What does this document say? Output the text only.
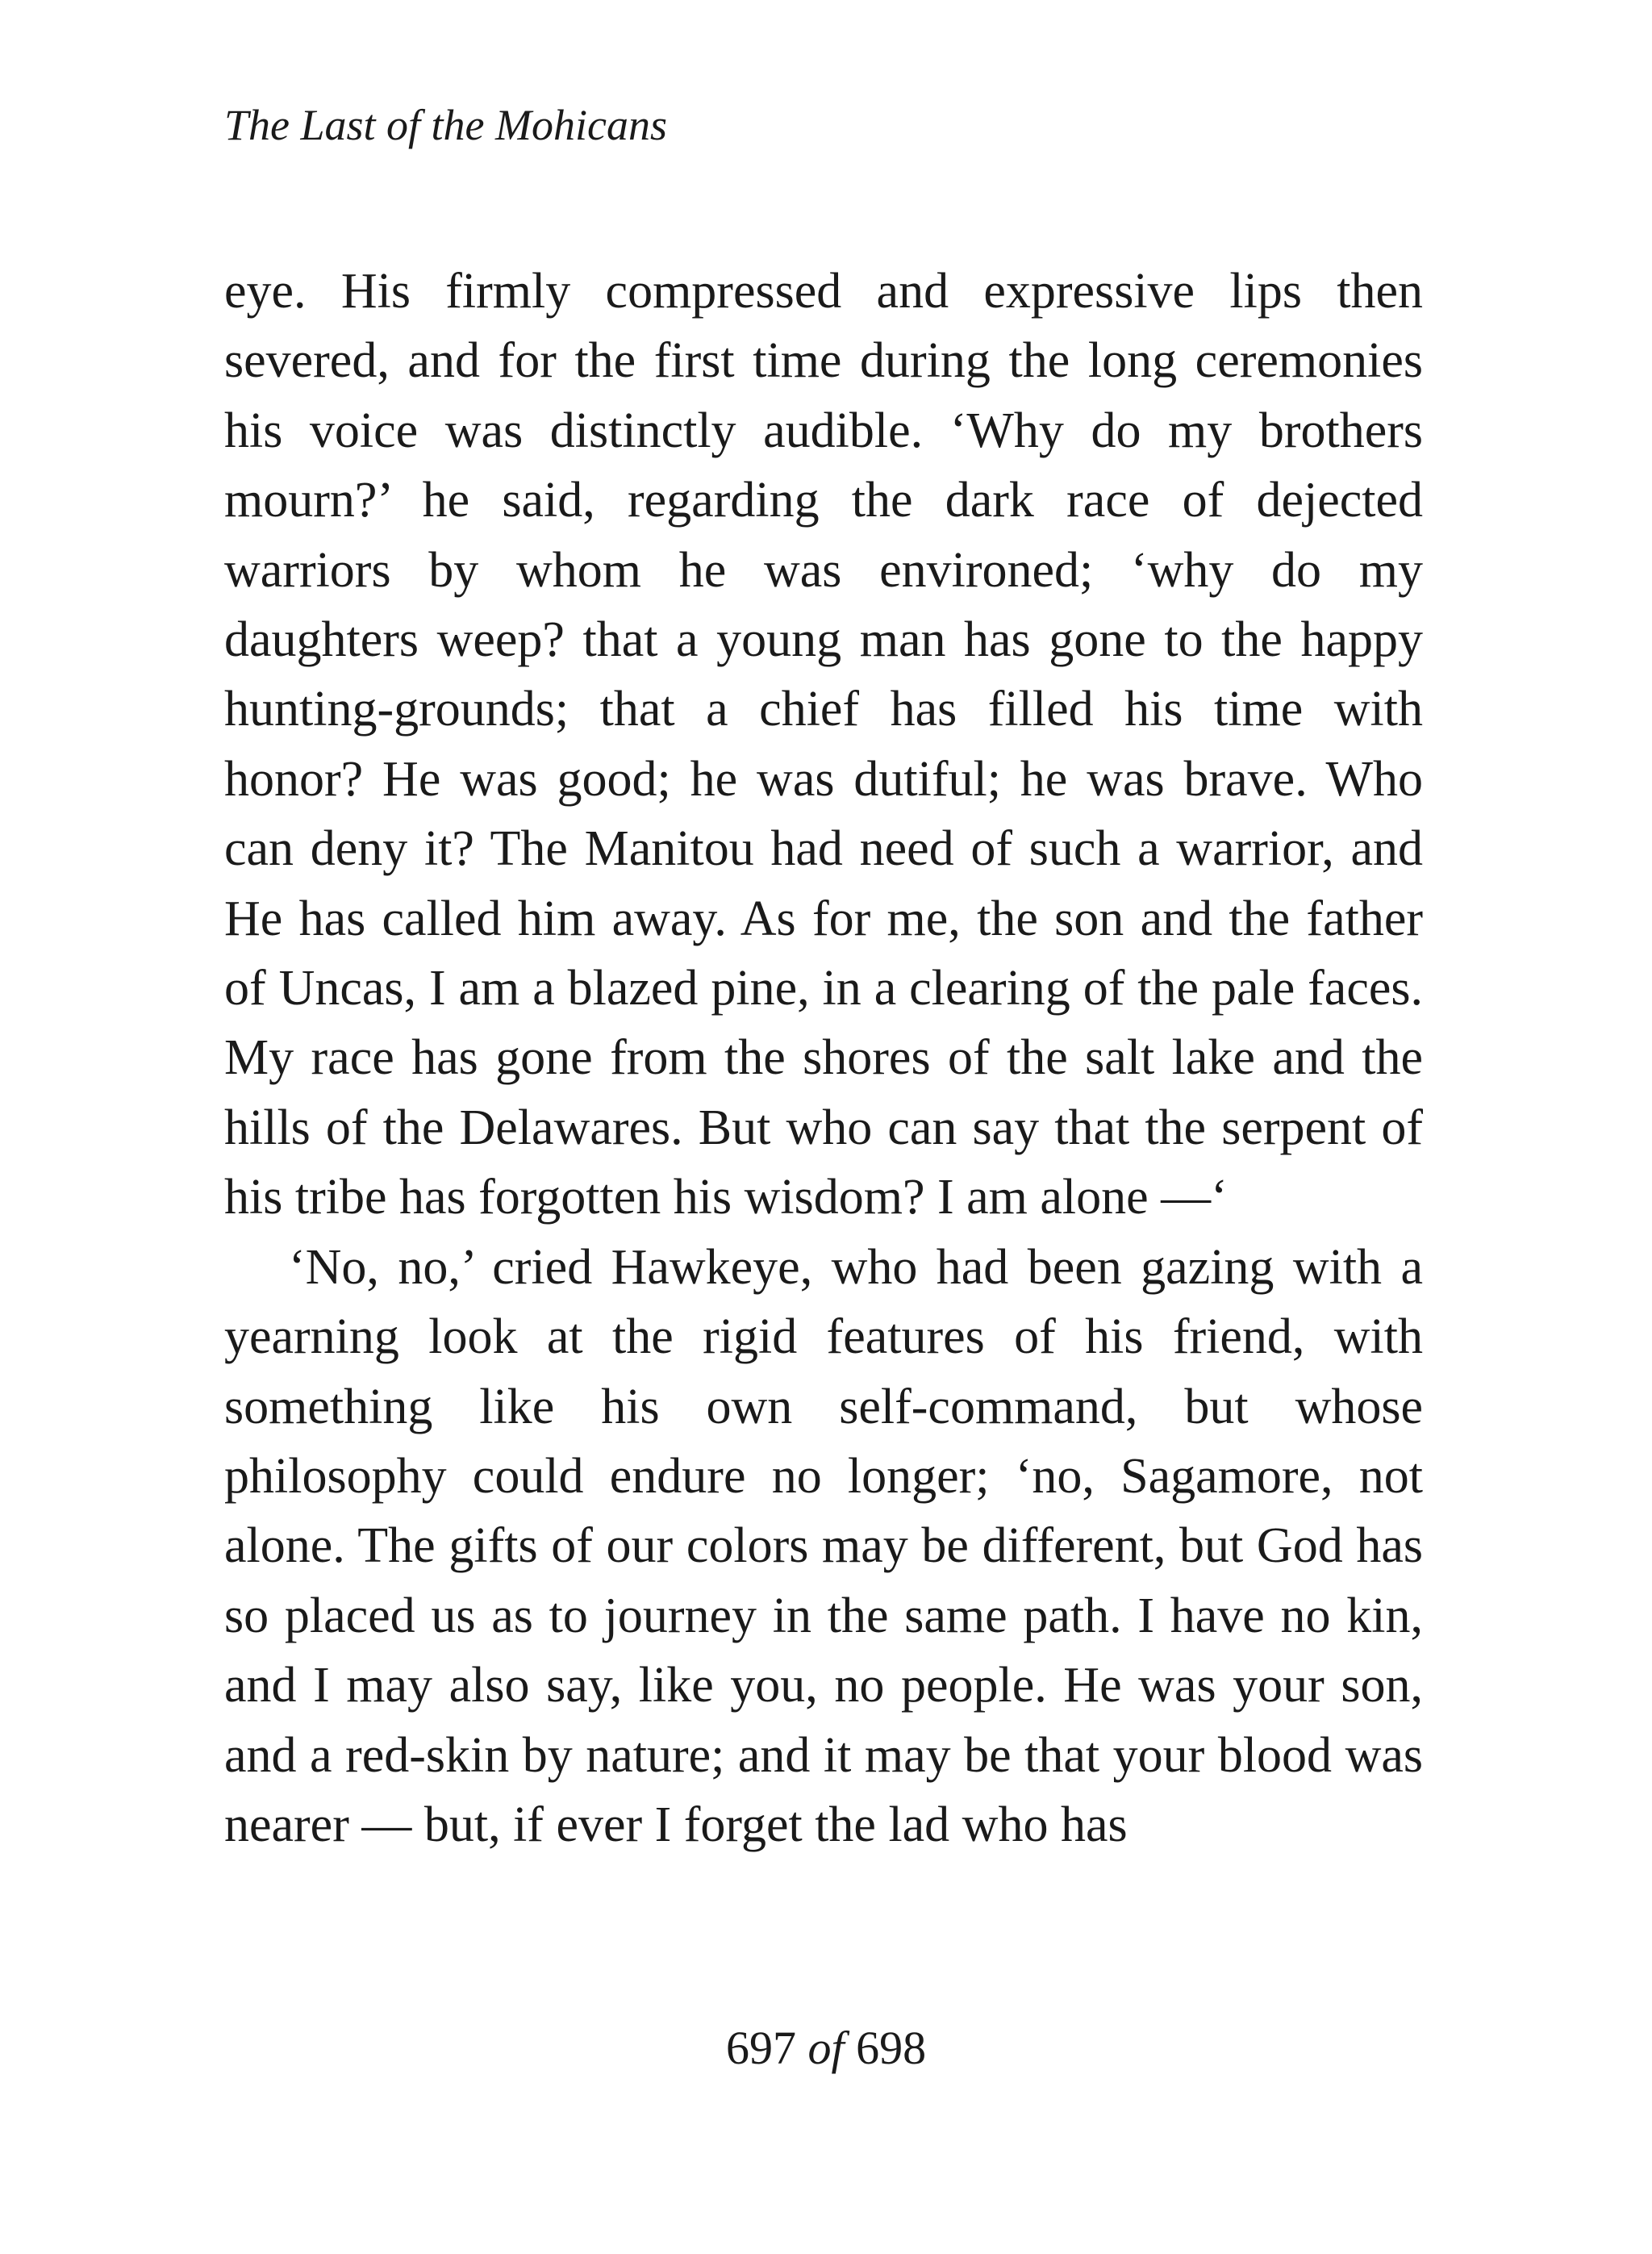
The Last of the Mohicans

eye. His firmly compressed and expressive lips then severed, and for the first time during the long ceremonies his voice was distinctly audible. ‘Why do my brothers mourn?’ he said, regarding the dark race of dejected warriors by whom he was environed; ‘why do my daughters weep? that a young man has gone to the happy hunting-grounds; that a chief has filled his time with honor? He was good; he was dutiful; he was brave. Who can deny it? The Manitou had need of such a warrior, and He has called him away. As for me, the son and the father of Uncas, I am a blazed pine, in a clearing of the pale faces. My race has gone from the shores of the salt lake and the hills of the Delawares. But who can say that the serpent of his tribe has forgotten his wisdom? I am alone —‘

‘No, no,’ cried Hawkeye, who had been gazing with a yearning look at the rigid features of his friend, with something like his own self-command, but whose philosophy could endure no longer; ‘no, Sagamore, not alone. The gifts of our colors may be different, but God has so placed us as to journey in the same path. I have no kin, and I may also say, like you, no people. He was your son, and a red-skin by nature; and it may be that your blood was nearer — but, if ever I forget the lad who has

697 of 698
